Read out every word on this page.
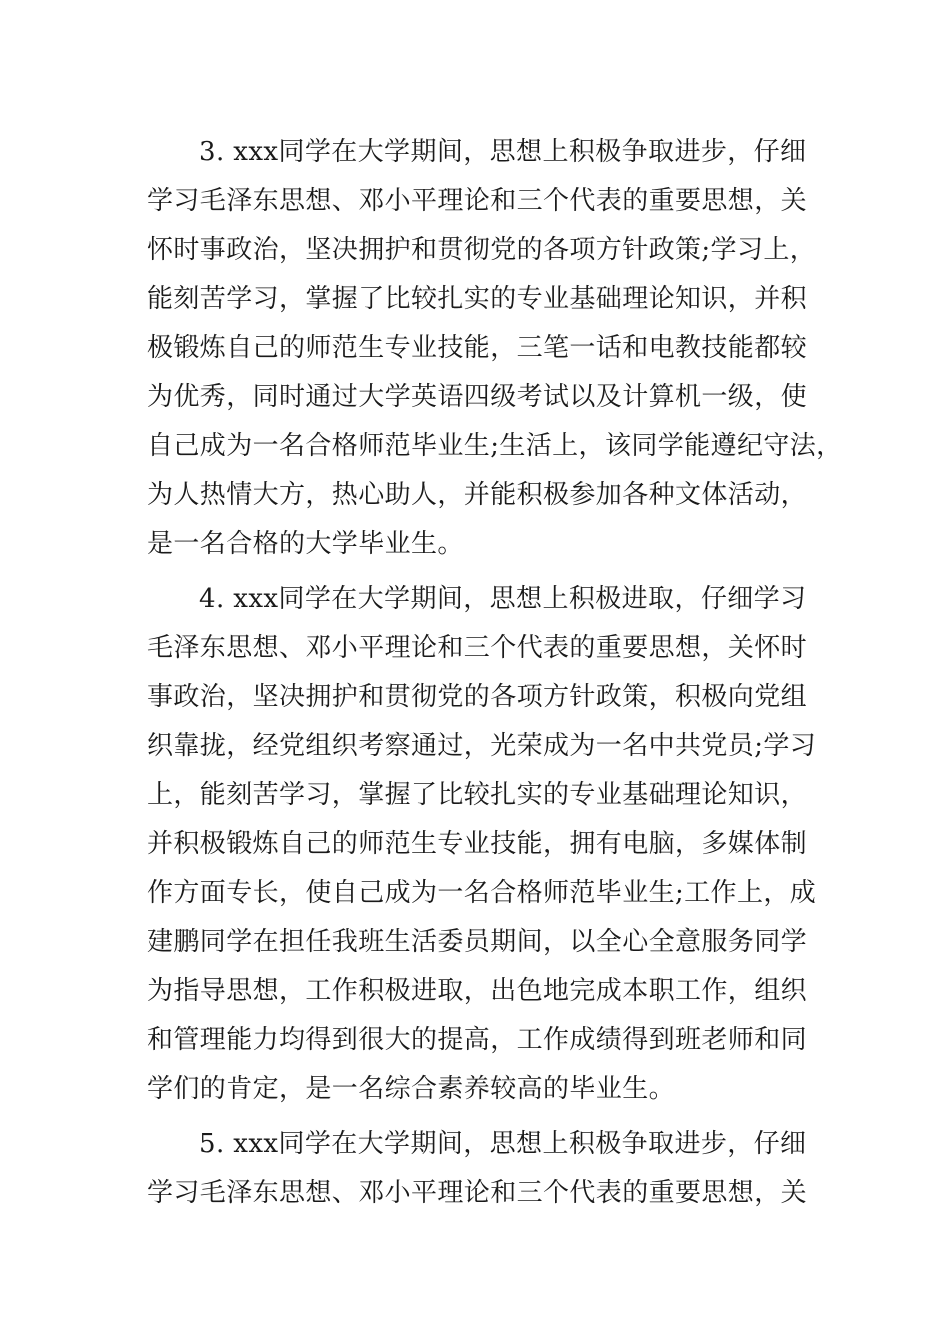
3. xxx同学在大学期间，思想上积极争取进步，仔细
学习毛泽东思想、邓小平理论和三个代表的重要思想，关
怀时事政治，坚决拥护和贯彻党的各项方针政策;学习上，
能刻苦学习，掌握了比较扎实的专业基础理论知识，并积
极锻炼自己的师范生专业技能，三笔一话和电教技能都较
为优秀，同时通过大学英语四级考试以及计算机一级，使
自己成为一名合格师范毕业生;生活上，该同学能遵纪守法，
为人热情大方，热心助人，并能积极参加各种文体活动，
是一名合格的大学毕业生。
4. xxx同学在大学期间，思想上积极进取，仔细学习
毛泽东思想、邓小平理论和三个代表的重要思想，关怀时
事政治，坚决拥护和贯彻党的各项方针政策，积极向党组
织靠拢，经党组织考察通过，光荣成为一名中共党员;学习
上，能刻苦学习，掌握了比较扎实的专业基础理论知识，
并积极锻炼自己的师范生专业技能，拥有电脑，多媒体制
作方面专长，使自己成为一名合格师范毕业生;工作上，成
建鹏同学在担任我班生活委员期间，以全心全意服务同学
为指导思想，工作积极进取，出色地完成本职工作，组织
和管理能力均得到很大的提高，工作成绩得到班老师和同
学们的肯定，是一名综合素养较高的毕业生。
5. xxx同学在大学期间，思想上积极争取进步，仔细
学习毛泽东思想、邓小平理论和三个代表的重要思想，关
